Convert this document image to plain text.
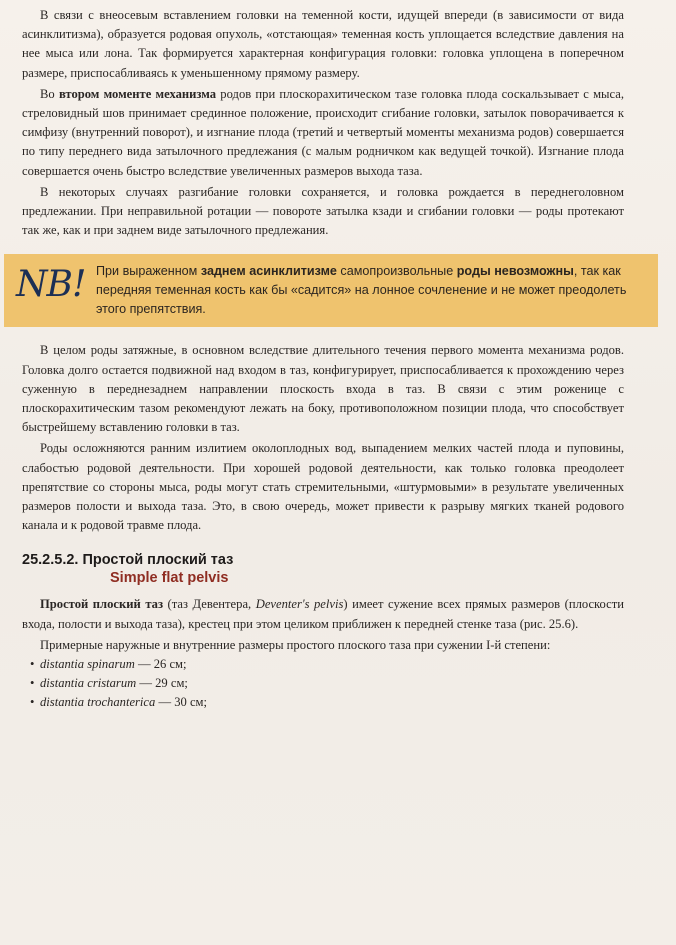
В связи с внеосевым вставлением головки на теменной кости, идущей впереди (в зависимости от вида асинклитизма), образуется родовая опухоль, «отстающая» теменная кость уплощается вследствие давления на нее мыса или лона. Так формируется характерная конфигурация головки: головка уплощена в поперечном размере, приспосабливаясь к уменьшенному прямому размеру.

Во втором моменте механизма родов при плоскорахитическом тазе головка плода соскальзывает с мыса, стреловидный шов принимает срединное положение, происходит сгибание головки, затылок поворачивается к симфизу (внутренний поворот), и изгнание плода (третий и четвертый моменты механизма родов) совершается по типу переднего вида затылочного предлежания (с малым родничком как ведущей точкой). Изгнание плода совершается очень быстро вследствие увеличенных размеров выхода таза.

В некоторых случаях разгибание головки сохраняется, и головка рождается в переднеголовном предлежании. При неправильной ротации — повороте затылка кзади и сгибании головки — роды протекают так же, как и при заднем виде затылочного предлежания.

NB! При выраженном заднем асинклитизме самопроизвольные роды невозможны, так как передняя теменная кость как бы «садится» на лонное сочленение и не может преодолеть этого препятствия.

В целом роды затяжные, в основном вследствие длительного течения первого момента механизма родов. Головка долго остается подвижной над входом в таз, конфигурирует, приспосабливается к прохождению через суженную в переднезаднем направлении плоскость входа в таз. В связи с этим роженице с плоскорахитическим тазом рекомендуют лежать на боку, противоположном позиции плода, что способствует быстрейшему вставлению головки в таз.

Роды осложняются ранним излитием околоплодных вод, выпадением мелких частей плода и пуповины, слабостью родовой деятельности. При хорошей родовой деятельности, как только головка преодолеет препятствие со стороны мыса, роды могут стать стремительными, «штурмовыми» в результате увеличенных размеров полости и выхода таза. Это, в свою очередь, может привести к разрыву мягких тканей родового канала и к родовой травме плода.

25.2.5.2. Простой плоский таз
Simple flat pelvis

Простой плоский таз (таз Девентера, Deventer's pelvis) имеет сужение всех прямых размеров (плоскости входа, полости и выхода таза), крестец при этом целиком приближен к передней стенке таза (рис. 25.6).

Примерные наружные и внутренние размеры простого плоского таза при сужении I-й степени:

• distantia spinarum — 26 см;
• distantia cristarum — 29 см;
• distantia trochanterica — 30 см;
